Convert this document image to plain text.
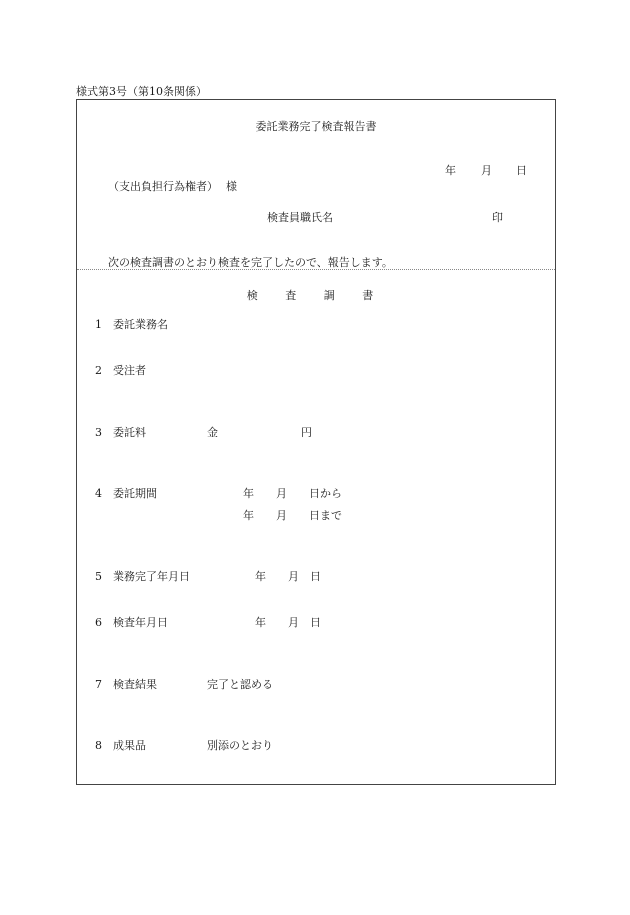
様式第3号（第10条関係）
委託業務完了検査報告書
年 月 日
（支出負担行為権者） 様
検査員職氏名	印
次の検査調書のとおり検査を完了したので、報告します。
検 査 調 書
1 委託業務名
2 受注者
3 委託料	金	円
4 委託期間	年　　月　　日から
年　　月　　日まで
5 業務完了年月日	年　　月　日
6 検査年月日	年　　月　日
7 検査結果	完了と認める
8 成果品	別添のとおり
